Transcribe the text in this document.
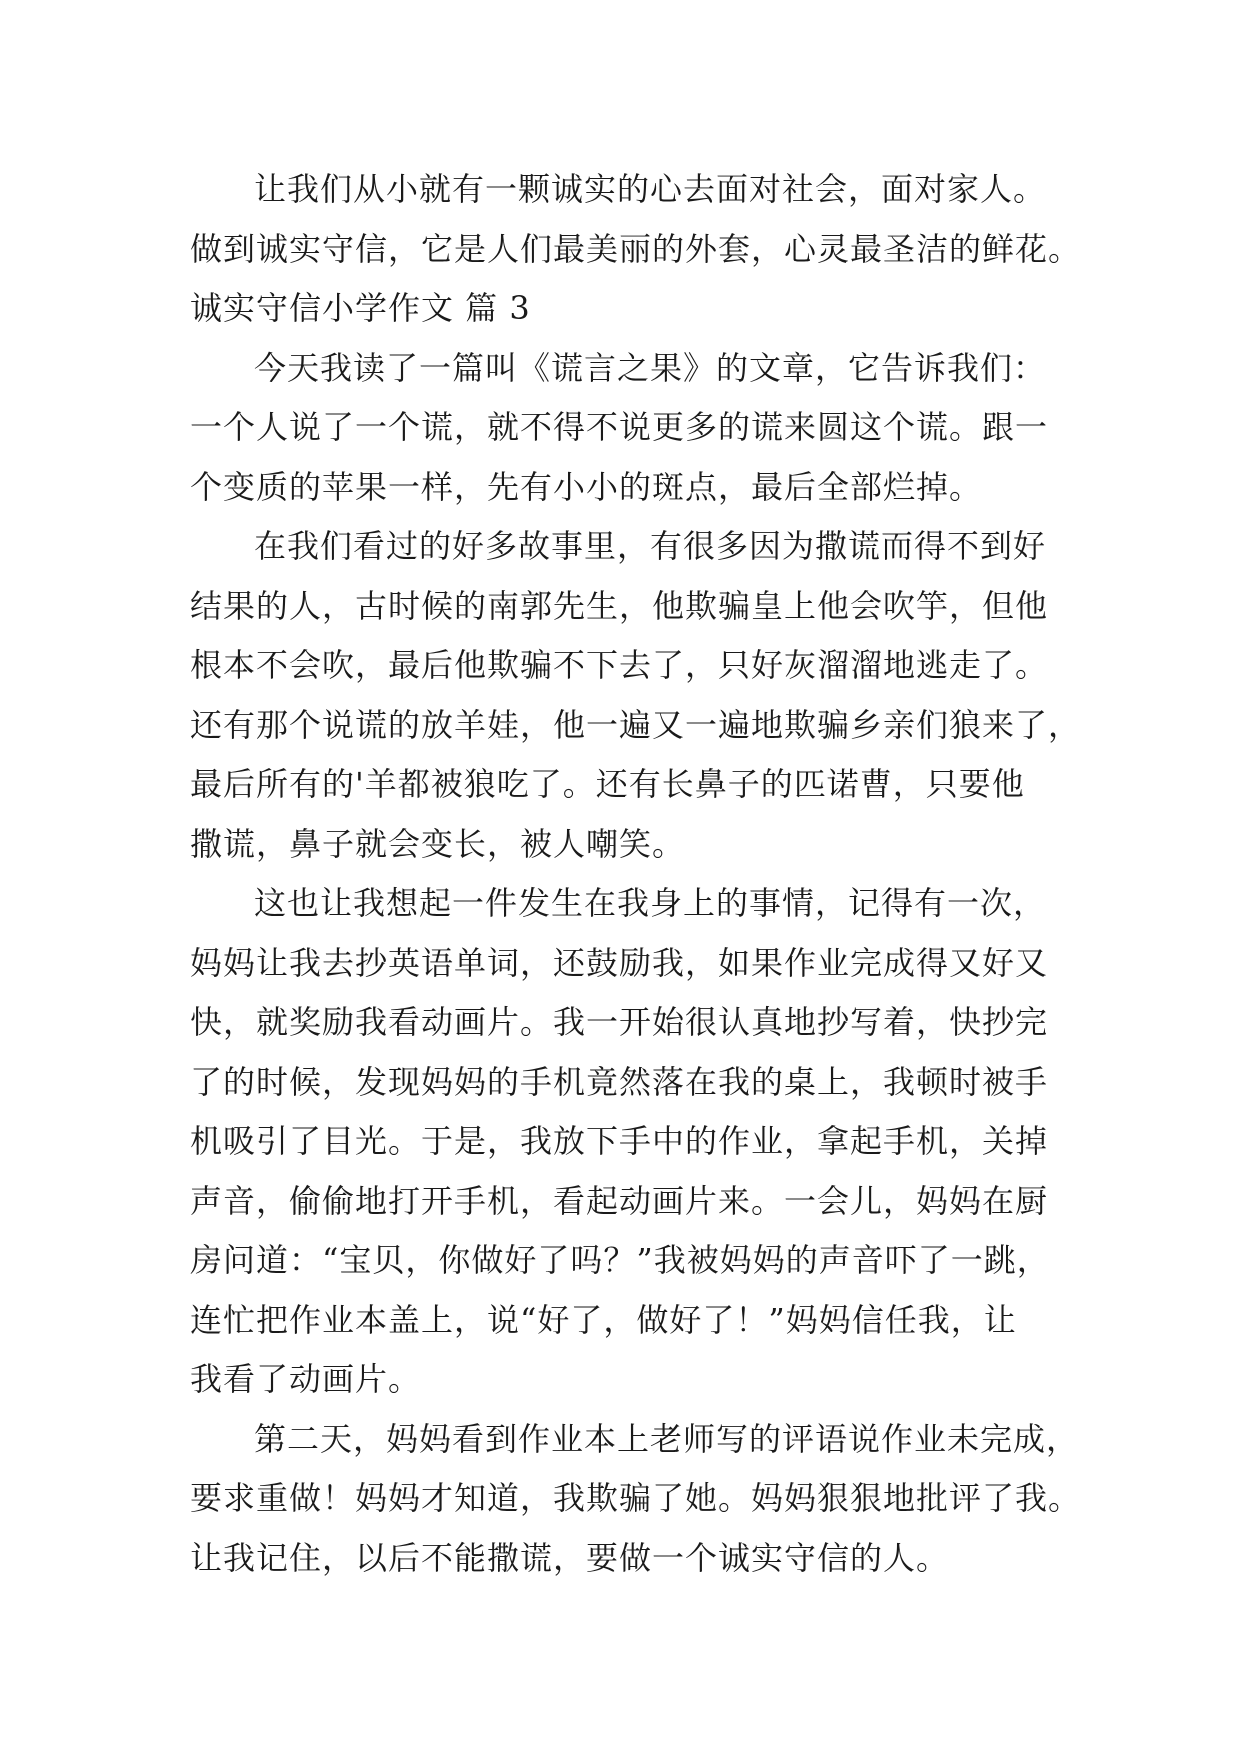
让我们从小就有一颗诚实的心去面对社会，面对家人。
做到诚实守信，它是人们最美丽的外套，心灵最圣洁的鲜花。
诚实守信小学作文 篇 3
今天我读了一篇叫《谎言之果》的文章，它告诉我们：
一个人说了一个谎，就不得不说更多的谎来圆这个谎。跟一
个变质的苹果一样，先有小小的斑点，最后全部烂掉。
在我们看过的好多故事里，有很多因为撒谎而得不到好
结果的人，古时候的南郭先生，他欺骗皇上他会吹竽，但他
根本不会吹，最后他欺骗不下去了，只好灰溜溜地逃走了。
还有那个说谎的放羊娃，他一遍又一遍地欺骗乡亲们狼来了，
最后所有的'羊都被狼吃了。还有长鼻子的匹诺曹，只要他
撒谎，鼻子就会变长，被人嘲笑。
这也让我想起一件发生在我身上的事情，记得有一次，
妈妈让我去抄英语单词，还鼓励我，如果作业完成得又好又
快，就奖励我看动画片。我一开始很认真地抄写着，快抄完
了的时候，发现妈妈的手机竟然落在我的桌上，我顿时被手
机吸引了目光。于是，我放下手中的作业，拿起手机，关掉
声音，偷偷地打开手机，看起动画片来。一会儿，妈妈在厨
房问道：“宝贝，你做好了吗？”我被妈妈的声音吓了一跳，
连忙把作业本盖上，说“好了，做好了！”妈妈信任我，让
我看了动画片。
第二天，妈妈看到作业本上老师写的评语说作业未完成，
要求重做！妈妈才知道，我欺骗了她。妈妈狠狠地批评了我。
让我记住，以后不能撒谎，要做一个诚实守信的人。
